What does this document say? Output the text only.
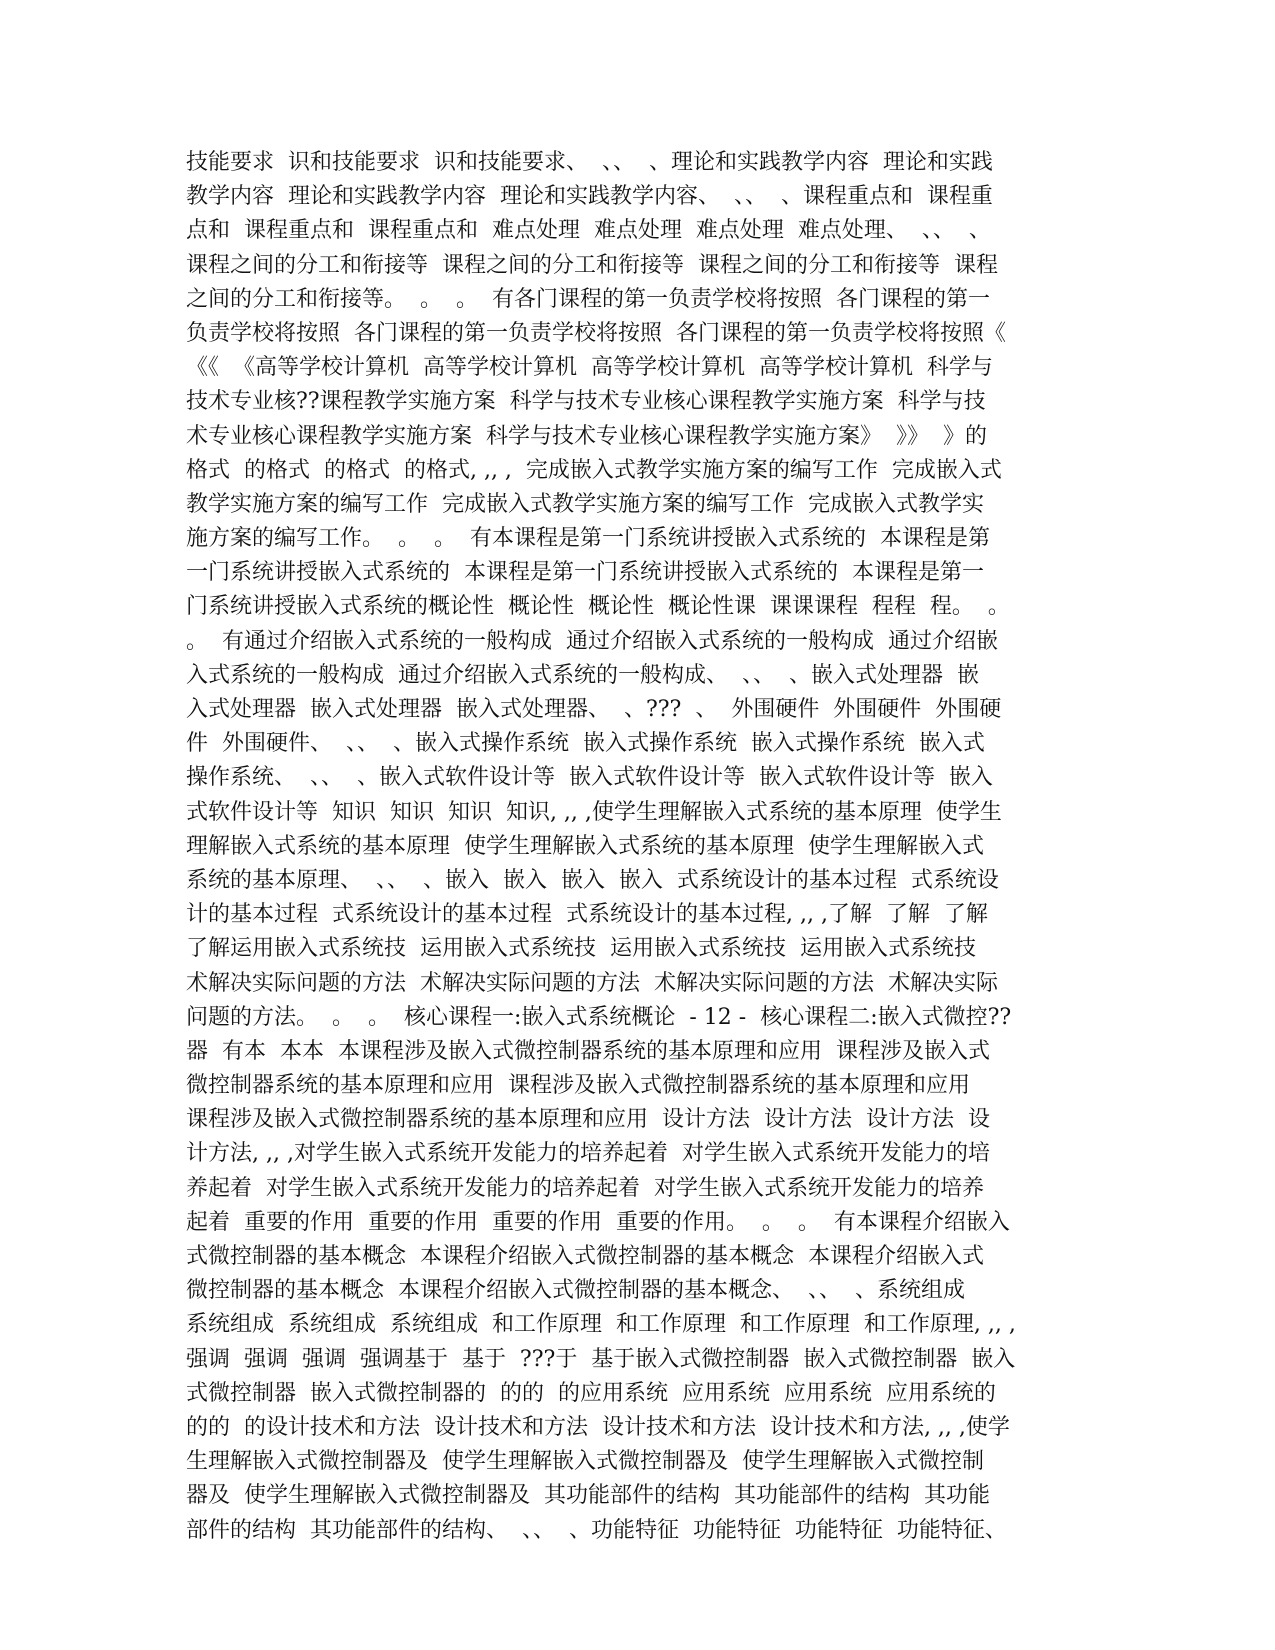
技能要求  识和技能要求  识和技能要求、  、、  、理论和实践教学内容  理论和实践
教学内容  理论和实践教学内容  理论和实践教学内容、  、、  、课程重点和  课程重
点和  课程重点和  课程重点和  难点处理  难点处理  难点处理  难点处理、  、、  、
课程之间的分工和衔接等  课程之间的分工和衔接等  课程之间的分工和衔接等  课程
之间的分工和衔接等。  。  。  有各门课程的第一负责学校将按照  各门课程的第一
负责学校将按照  各门课程的第一负责学校将按照  各门课程的第一负责学校将按照《
《《  《高等学校计算机  高等学校计算机  高等学校计算机  高等学校计算机  科学与
技术专业核??课程教学实施方案  科学与技术专业核心课程教学实施方案  科学与技
术专业核心课程教学实施方案  科学与技术专业核心课程教学实施方案》  》》  》的
格式  的格式  的格式  的格式, ,, ,  完成嵌入式教学实施方案的编写工作  完成嵌入式
教学实施方案的编写工作  完成嵌入式教学实施方案的编写工作  完成嵌入式教学实
施方案的编写工作。  。  。  有本课程是第一门系统讲授嵌入式系统的  本课程是第
一门系统讲授嵌入式系统的  本课程是第一门系统讲授嵌入式系统的  本课程是第一
门系统讲授嵌入式系统的概论性  概论性  概论性  概论性课  课课课程  程程  程。  。
。  有通过介绍嵌入式系统的一般构成  通过介绍嵌入式系统的一般构成  通过介绍嵌
入式系统的一般构成  通过介绍嵌入式系统的一般构成、  、、  、嵌入式处理器  嵌
入式处理器  嵌入式处理器  嵌入式处理器、  、???  、  外围硬件  外围硬件  外围硬
件  外围硬件、  、、  、嵌入式操作系统  嵌入式操作系统  嵌入式操作系统  嵌入式
操作系统、  、、  、嵌入式软件设计等  嵌入式软件设计等  嵌入式软件设计等  嵌入
式软件设计等  知识  知识  知识  知识, ,, ,使学生理解嵌入式系统的基本原理  使学生
理解嵌入式系统的基本原理  使学生理解嵌入式系统的基本原理  使学生理解嵌入式
系统的基本原理、  、、  、嵌入  嵌入  嵌入  嵌入  式系统设计的基本过程  式系统设
计的基本过程  式系统设计的基本过程  式系统设计的基本过程, ,, ,了解  了解  了解
了解运用嵌入式系统技  运用嵌入式系统技  运用嵌入式系统技  运用嵌入式系统技
术解决实际问题的方法  术解决实际问题的方法  术解决实际问题的方法  术解决实际
问题的方法。  。  。  核心课程一:嵌入式系统概论  - 12 -  核心课程二:嵌入式微控??
器  有本  本本  本课程涉及嵌入式微控制器系统的基本原理和应用  课程涉及嵌入式
微控制器系统的基本原理和应用  课程涉及嵌入式微控制器系统的基本原理和应用
课程涉及嵌入式微控制器系统的基本原理和应用  设计方法  设计方法  设计方法  设
计方法, ,, ,对学生嵌入式系统开发能力的培养起着  对学生嵌入式系统开发能力的培
养起着  对学生嵌入式系统开发能力的培养起着  对学生嵌入式系统开发能力的培养
起着  重要的作用  重要的作用  重要的作用  重要的作用。  。  。  有本课程介绍嵌入
式微控制器的基本概念  本课程介绍嵌入式微控制器的基本概念  本课程介绍嵌入式
微控制器的基本概念  本课程介绍嵌入式微控制器的基本概念、  、、  、系统组成
系统组成  系统组成  系统组成  和工作原理  和工作原理  和工作原理  和工作原理, ,, ,
强调  强调  强调  强调基于  基于  ???于  基于嵌入式微控制器  嵌入式微控制器  嵌入
式微控制器  嵌入式微控制器的  的的  的应用系统  应用系统  应用系统  应用系统的
的的  的设计技术和方法  设计技术和方法  设计技术和方法  设计技术和方法, ,, ,使学
生理解嵌入式微控制器及  使学生理解嵌入式微控制器及  使学生理解嵌入式微控制
器及  使学生理解嵌入式微控制器及  其功能部件的结构  其功能部件的结构  其功能
部件的结构  其功能部件的结构、  、、  、功能特征  功能特征  功能特征  功能特征、
